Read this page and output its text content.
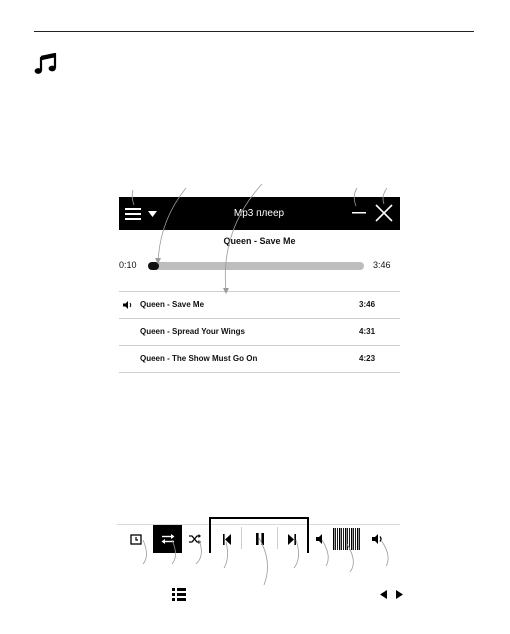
Mp3 плеер
Queen - Save Me
0:10	3:46
Queen - Save Me	3:46
Queen - Spread Your Wings	4:31
Queen - The Show Must Go On	4:23
